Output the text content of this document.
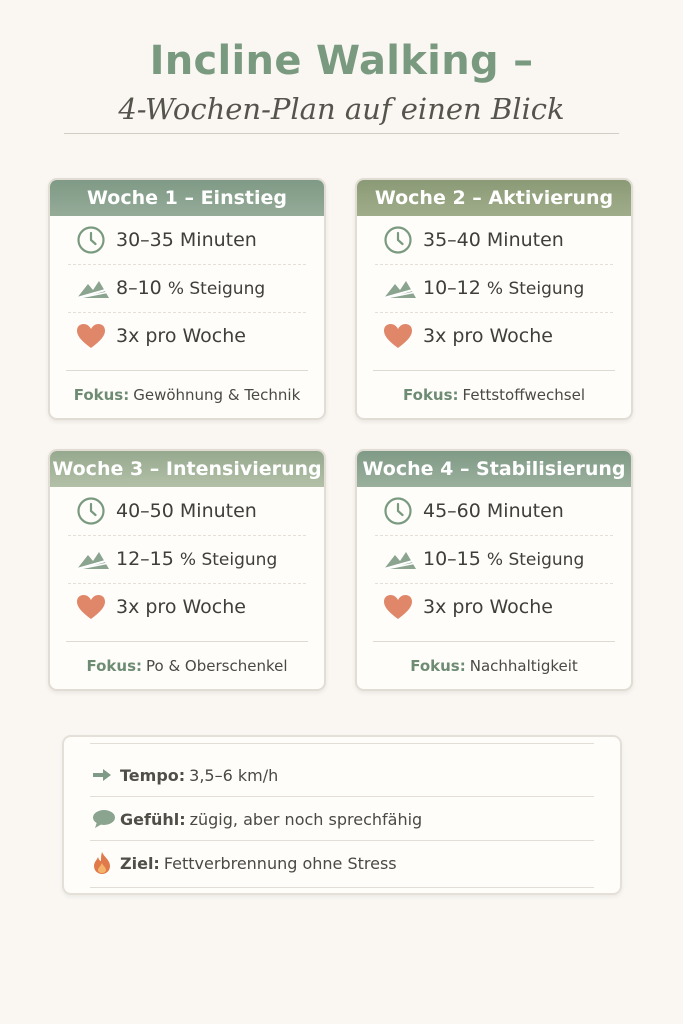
Incline Walking –
4-Wochen-Plan auf einen Blick
Woche 1 – Einstieg
30–35 Minuten
8–10 % Steigung
3x pro Woche
Fokus: Gewöhnung & Technik
Woche 2 – Aktivierung
35–40 Minuten
10–12 % Steigung
3x pro Woche
Fokus: Fettstoffwechsel
Woche 3 – Intensivierung
40–50 Minuten
12–15 % Steigung
3x pro Woche
Fokus: Po & Oberschenkel
Woche 4 – Stabilisierung
45–60 Minuten
10–15 % Steigung
3x pro Woche
Fokus: Nachhaltigkeit
Tempo: 3,5–6 km/h
Gefühl: zügig, aber noch sprechfähig
Ziel: Fettverbrennung ohne Stress
